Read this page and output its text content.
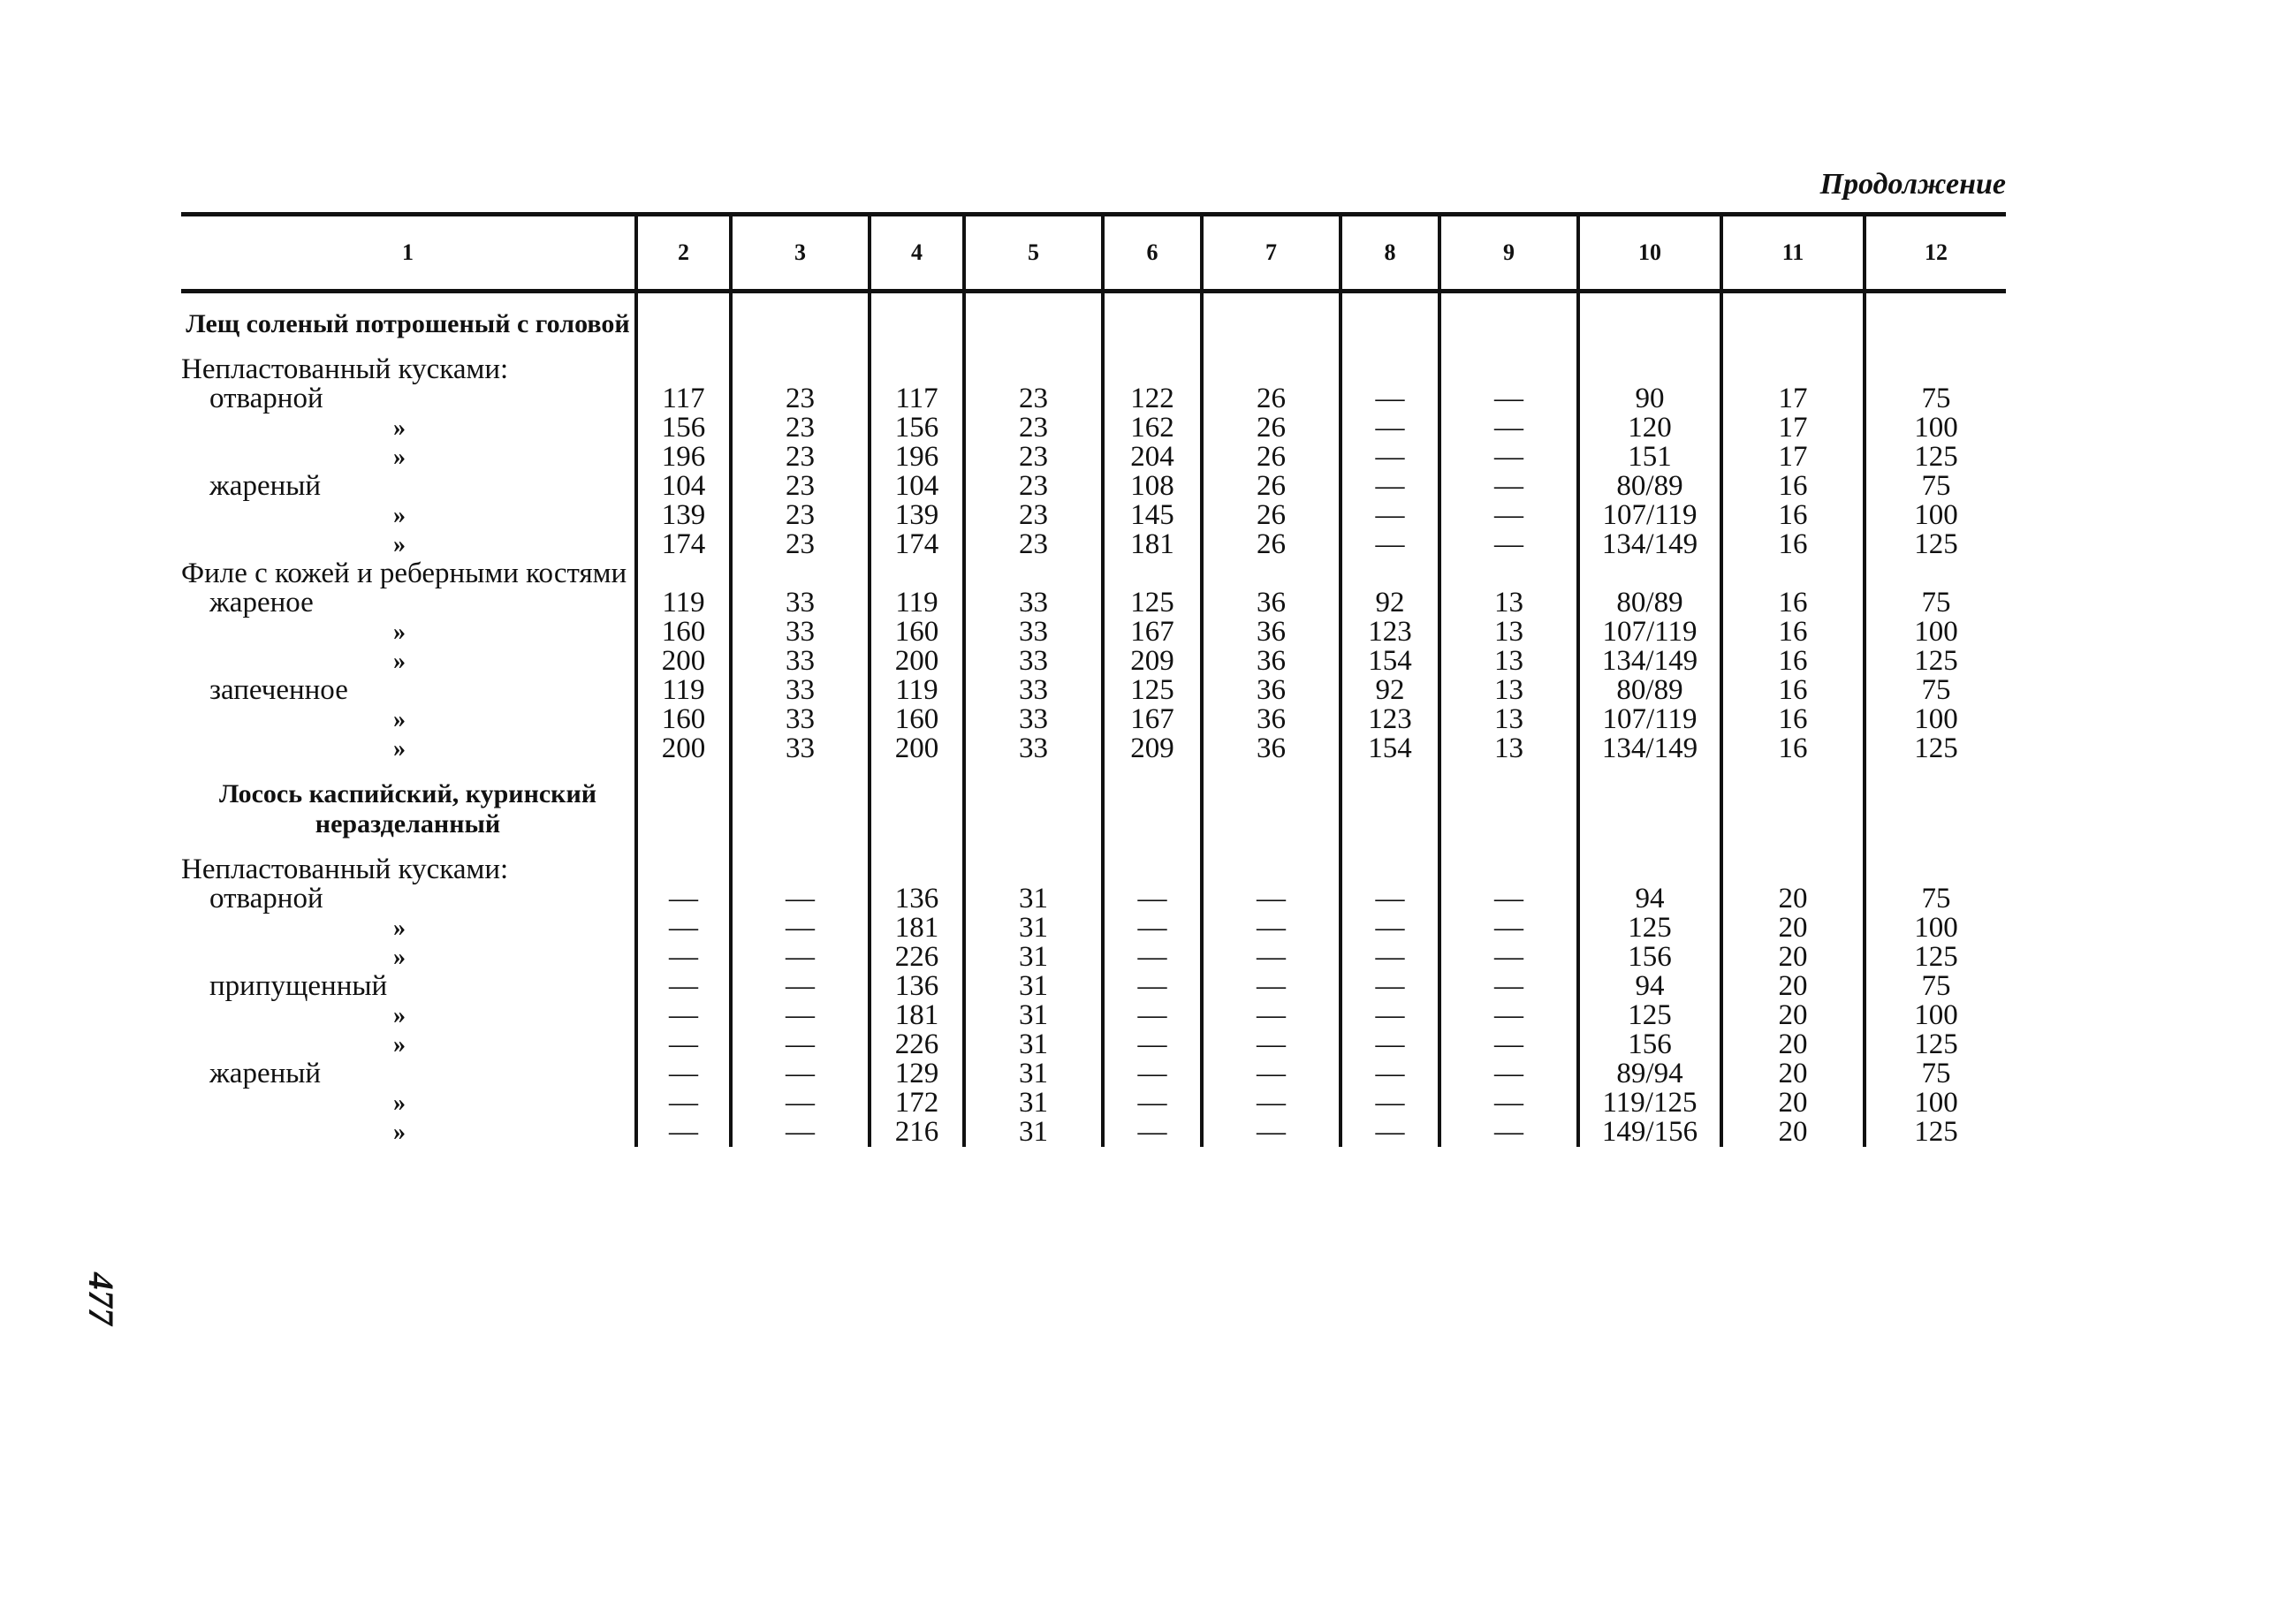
477
Продолжение
1	2	3	4	5	6	7	8	9	10	11	12

Лещ соленый потрошеный с головой											

Непластованный кусками:											
отварной	117	23	117	23	122	26	—	—	90	17	75
»	156	23	156	23	162	26	—	—	120	17	100
»	196	23	196	23	204	26	—	—	151	17	125
жареный	104	23	104	23	108	26	—	—	80/89	16	75
»	139	23	139	23	145	26	—	—	107/119	16	100
»	174	23	174	23	181	26	—	—	134/149	16	125
Филе с кожей и реберными костями											
жареное	119	33	119	33	125	36	92	13	80/89	16	75
»	160	33	160	33	167	36	123	13	107/119	16	100
»	200	33	200	33	209	36	154	13	134/149	16	125
запеченное	119	33	119	33	125	36	92	13	80/89	16	75
»	160	33	160	33	167	36	123	13	107/119	16	100
»	200	33	200	33	209	36	154	13	134/149	16	125

Лосось каспийский, куринский неразделанный											

Непластованный кусками:											
отварной	—	—	136	31	—	—	—	—	94	20	75
»	—	—	181	31	—	—	—	—	125	20	100
»	—	—	226	31	—	—	—	—	156	20	125
припущенный	—	—	136	31	—	—	—	—	94	20	75
»	—	—	181	31	—	—	—	—	125	20	100
»	—	—	226	31	—	—	—	—	156	20	125
жареный	—	—	129	31	—	—	—	—	89/94	20	75
»	—	—	172	31	—	—	—	—	119/125	20	100
»	—	—	216	31	—	—	—	—	149/156	20	125
